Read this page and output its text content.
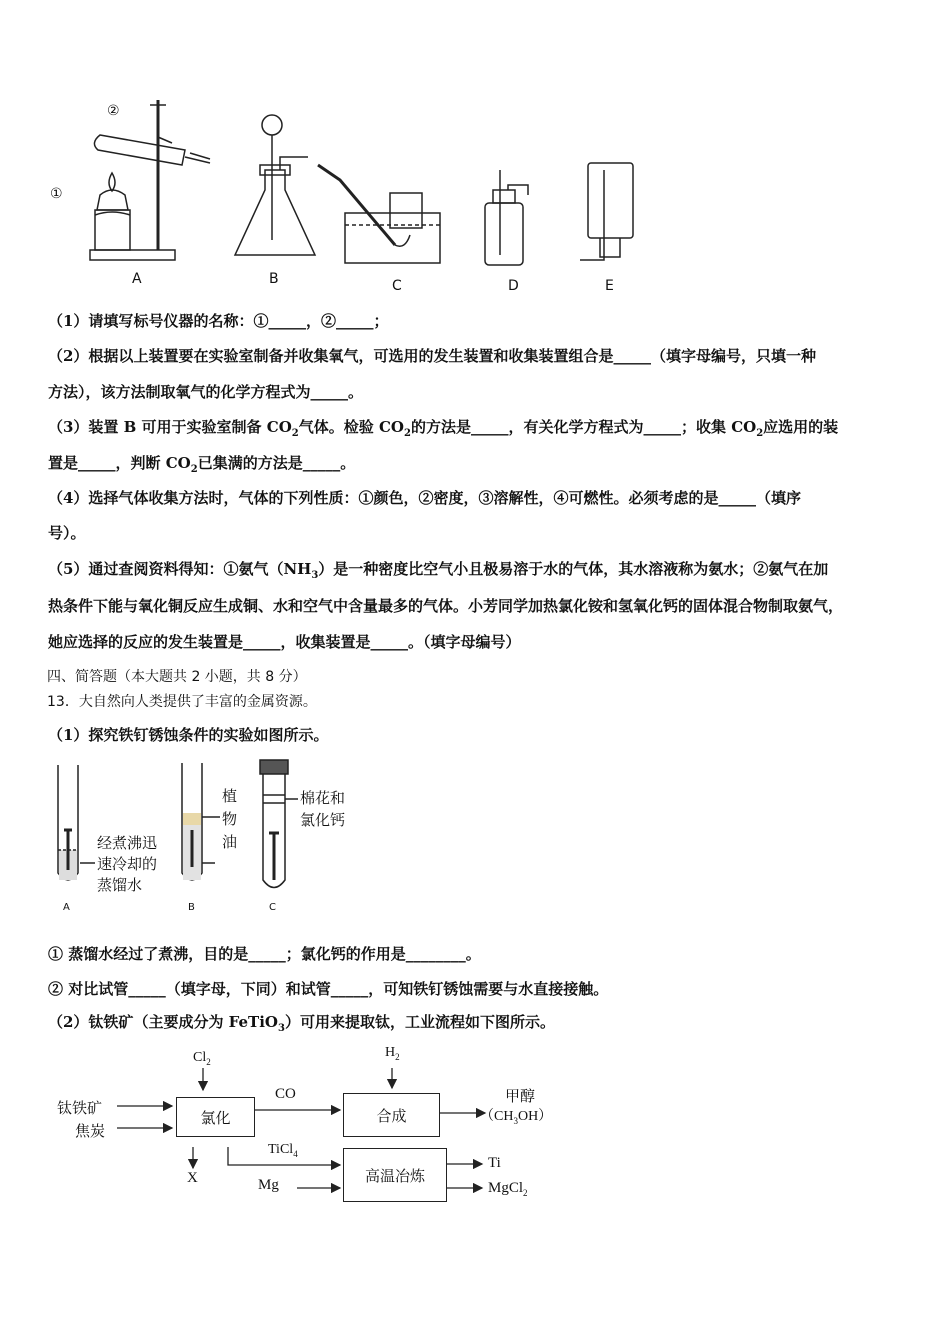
①
②
A	B	C	D	E
（1）请填写标号仪器的名称：①_____，②_____；
（2）根据以上装置要在实验室制备并收集氧气，可选用的发生装置和收集装置组合是_____（填字母编号，只填一种
方法），该方法制取氧气的化学方程式为_____。
（3）装置 B 可用于实验室制备 $CO_2$气体。检验 $CO_2$的方法是_____，有关化学方程式为_____；收集 $CO_2$应选用的装
置是_____，判断 $CO_2$已集满的方法是_____。
（4）选择气体收集方法时，气体的下列性质：①颜色，②密度，③溶解性，④可燃性。必须考虑的是_____（填序
号）。
（5）通过查阅资料得知：①氨气$(NH_3)$是一种密度比空气小且极易溶于水的气体，其水溶液称为氨水；②氨气在加
热条件下能与氧化铜反应生成铜、水和空气中含量最多的气体。小芳同学加热氯化铵和氢氧化钙的固体混合物制取氨气，
她应选择的反应的发生装置是_____，收集装置是_____。（填字母编号）
四、简答题（本大题共 2 小题，共 8 分）
13．大自然向人类提供了丰富的金属资源。
（1）探究铁钉锈蚀条件的实验如图所示。
A	B	C
经煮沸迅
速冷却的
蒸馏水
植
物
油
棉花和
氯化钙
① 蒸馏水经过了煮沸，目的是_____；氯化钙的作用是________。
② 对比试管_____（填字母，下同）和试管_____，可知铁钉锈蚀需要与水直接接触。
（2）钛铁矿（主要成分为 FeTiO$_3$）可用来提取钛，工业流程如下图所示。
氯化	合成
高温冶炼
$Cl_2$
$H_2$
钛铁矿
焦炭
CO	甲醇
$(CH_3OH)$
TiCl$_4$
X	Mg
Ti
MgCl$_2$
